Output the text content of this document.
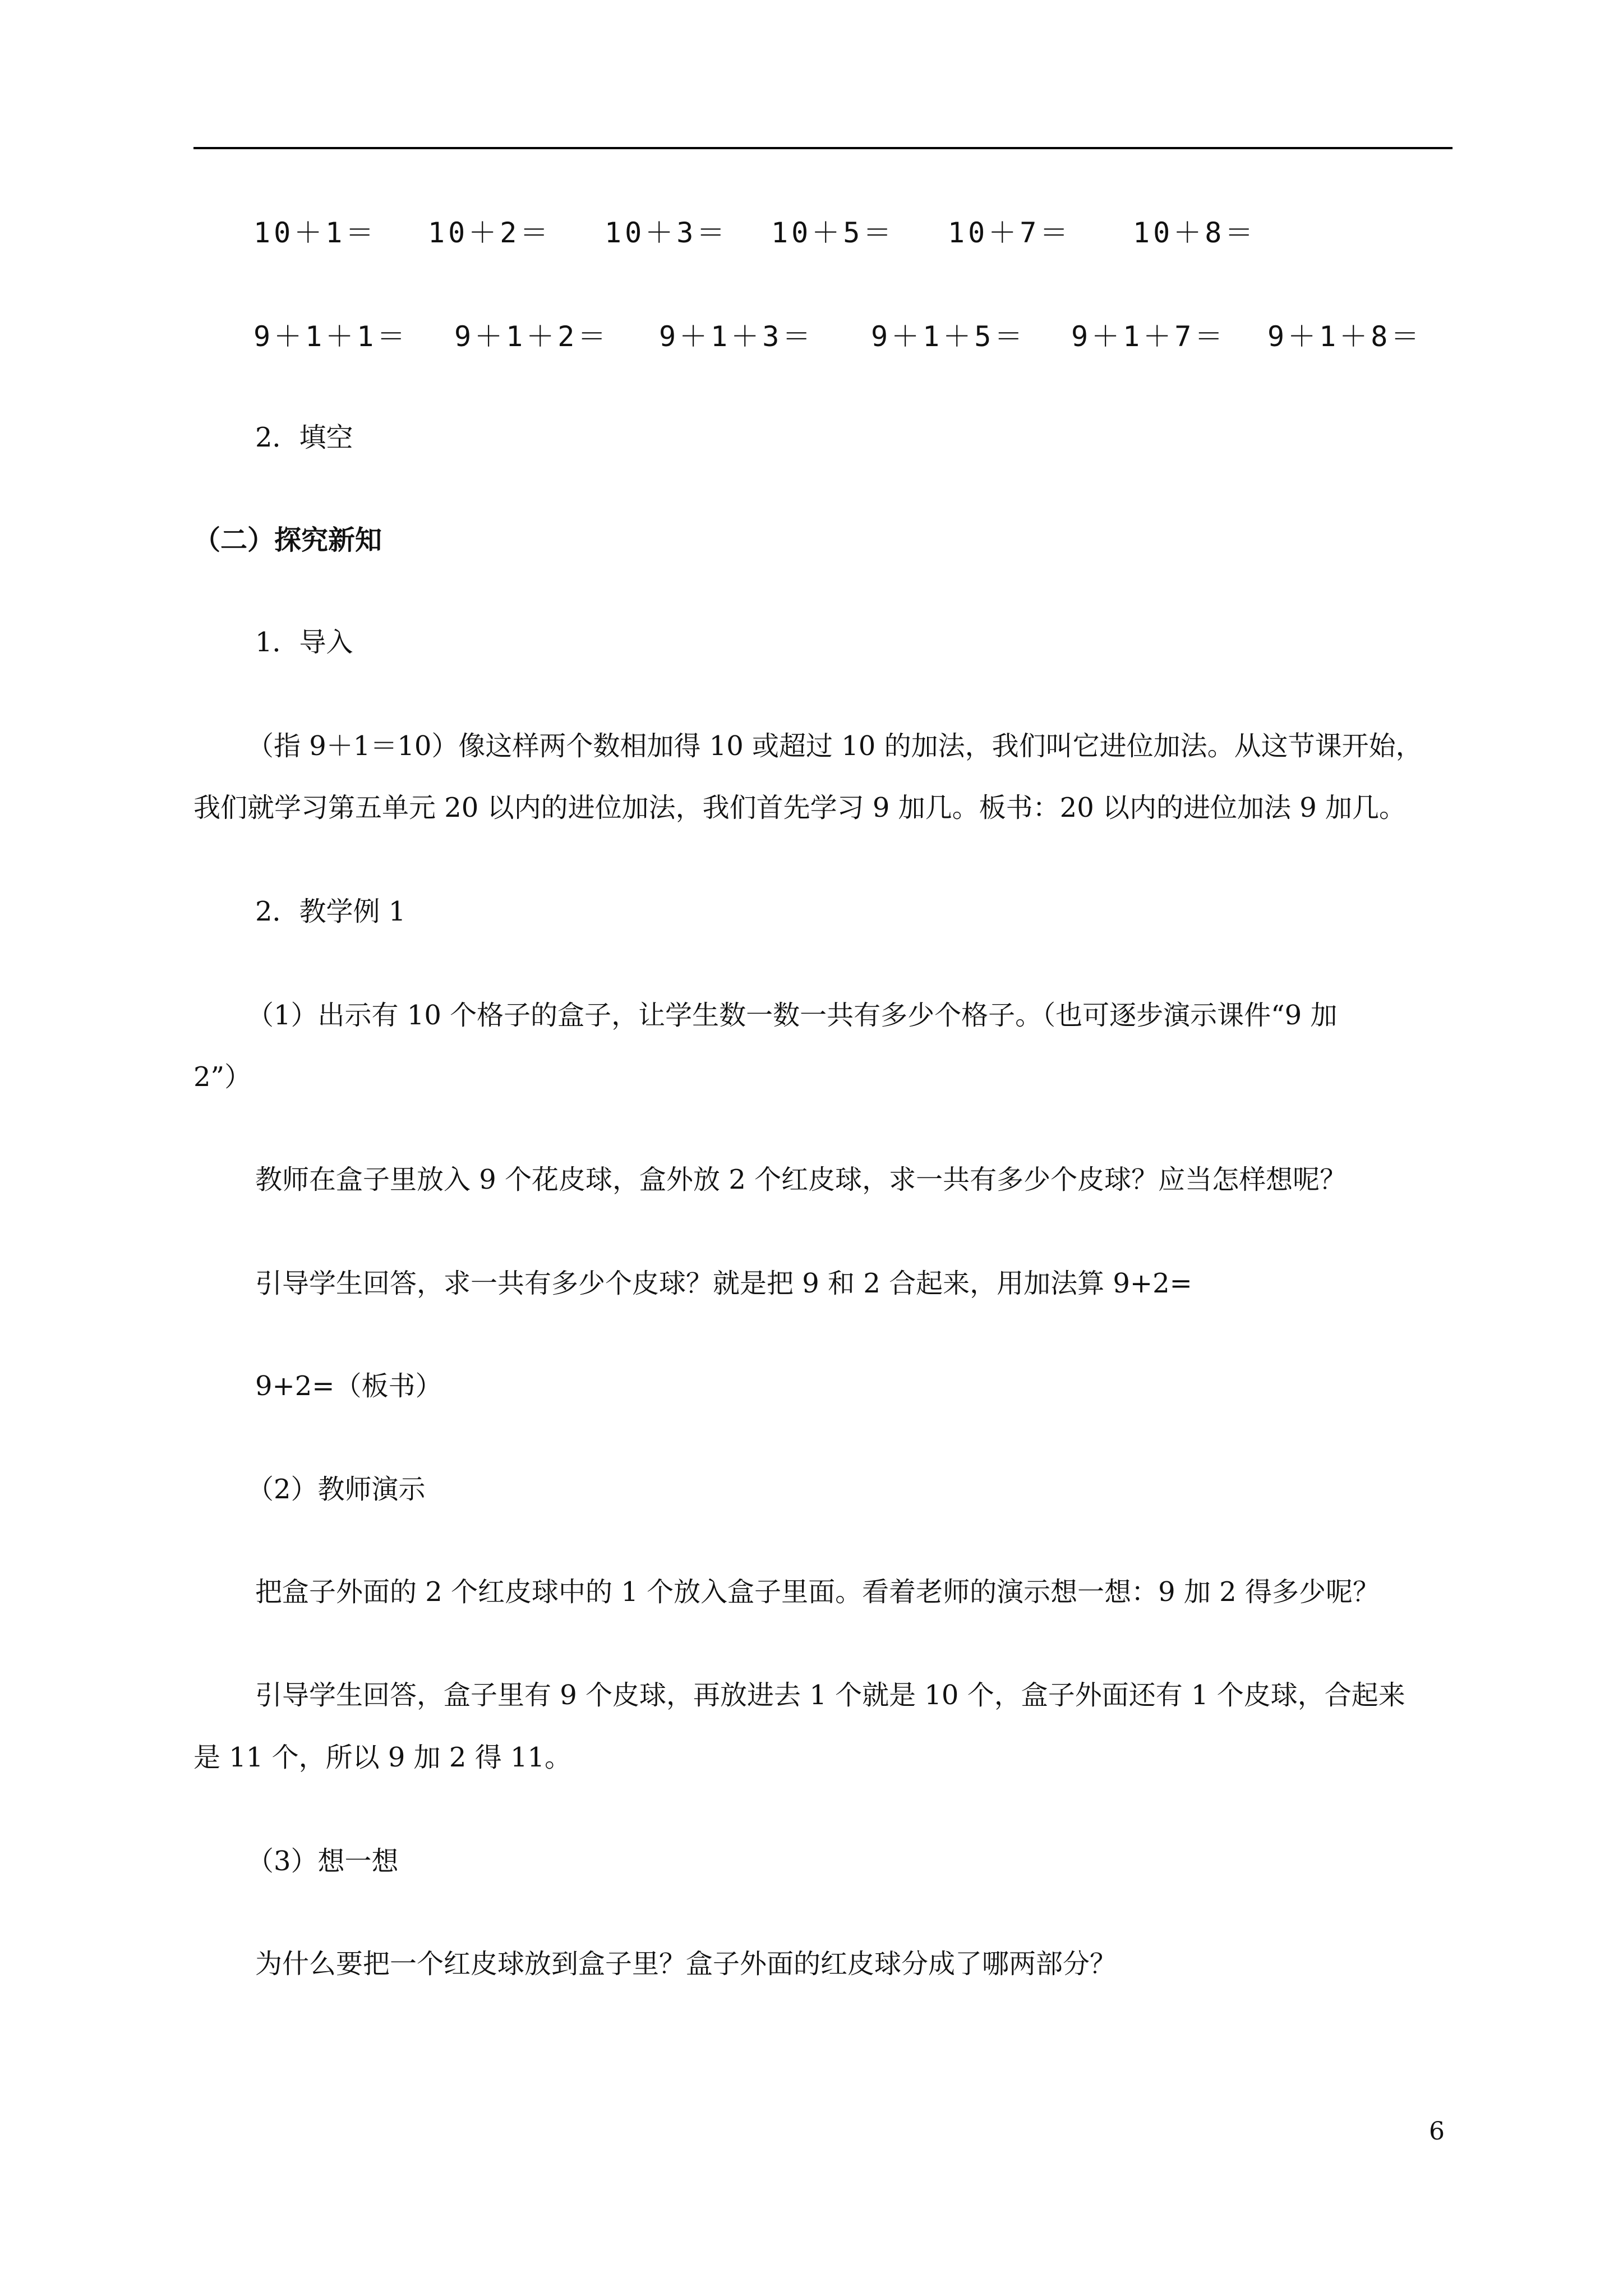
10＋1＝ 10＋2＝ 10＋3＝ 10＋5＝ 10＋7＝ 10＋8＝
9＋1＋1＝ 9＋1＋2＝ 9＋1＋3＝ 9＋1＋5＝ 9＋1＋7＝ 9＋1＋8＝
2．填空
（二）探究新知
1．导入
（指 9＋1＝10）像这样两个数相加得 10 或超过 10 的加法，我们叫它进位加法。从这节课开始，
我们就学习第五单元 20 以内的进位加法，我们首先学习 9 加几。板书：20 以内的进位加法 9 加几。
2．教学例 1
（1）出示有 10 个格子的盒子，让学生数一数一共有多少个格子。（也可逐步演示课件“9 加
2”）
教师在盒子里放入 9 个花皮球，盒外放 2 个红皮球，求一共有多少个皮球？应当怎样想呢？
引导学生回答，求一共有多少个皮球？就是把 9 和 2 合起来，用加法算 9+2=
9+2=（板书）
（2）教师演示
把盒子外面的 2 个红皮球中的 1 个放入盒子里面。看着老师的演示想一想：9 加 2 得多少呢？
引导学生回答，盒子里有 9 个皮球，再放进去 1 个就是 10 个，盒子外面还有 1 个皮球，合起来
是 11 个，所以 9 加 2 得 11。
（3）想一想
为什么要把一个红皮球放到盒子里？盒子外面的红皮球分成了哪两部分？
6
